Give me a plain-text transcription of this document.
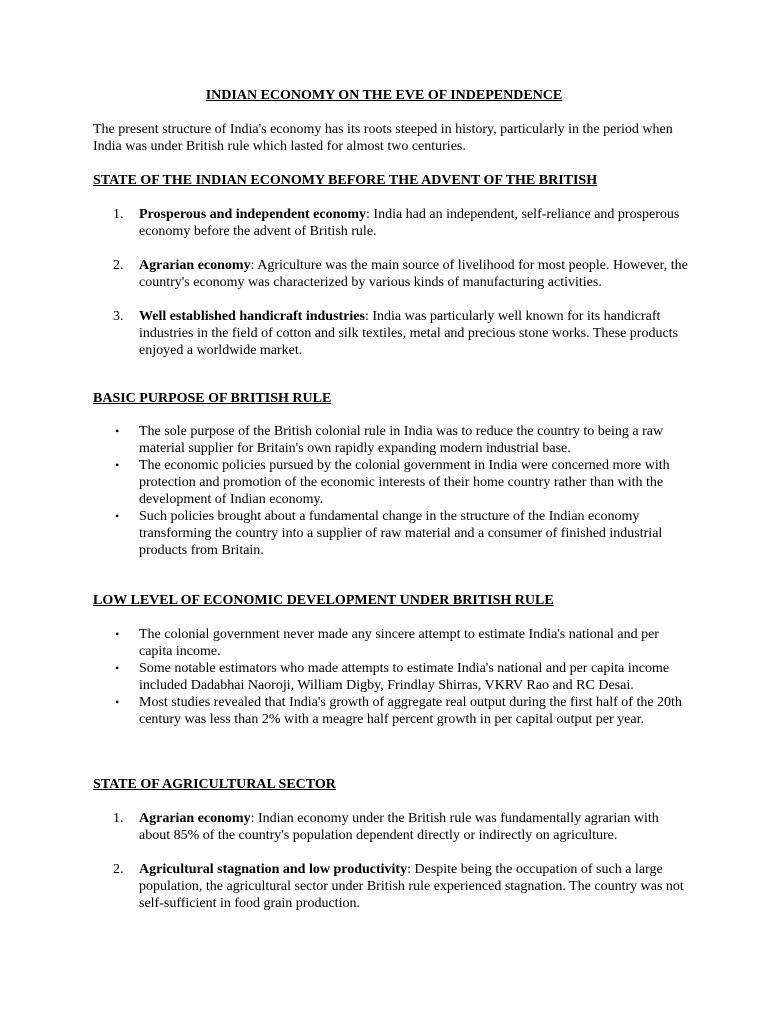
INDIAN ECONOMY ON THE EVE OF INDEPENDENCE

The present structure of India's economy has its roots steeped in history, particularly in the period when India was under British rule which lasted for almost two centuries.

STATE OF THE INDIAN ECONOMY BEFORE THE ADVENT OF THE BRITISH
1.	Prosperous and independent economy: India had an independent, self-reliance and prosperous economy before the advent of British rule.
2.	Agrarian economy: Agriculture was the main source of livelihood for most people. However, the country's economy was characterized by various kinds of manufacturing activities.
3.	Well established handicraft industries: India was particularly well known for its handicraft industries in the field of cotton and silk textiles, metal and precious stone works. These products enjoyed a worldwide market.
BASIC PURPOSE OF BRITISH RULE
•	The sole purpose of the British colonial rule in India was to reduce the country to being a raw material supplier for Britain's own rapidly expanding modern industrial base.
•	The economic policies pursued by the colonial government in India were concerned more with protection and promotion of the economic interests of their home country rather than with the development of Indian economy.
•	Such policies brought about a fundamental change in the structure of the Indian economy transforming the country into a supplier of raw material and a consumer of finished industrial products from Britain.
LOW LEVEL OF ECONOMIC DEVELOPMENT UNDER BRITISH RULE
•	The colonial government never made any sincere attempt to estimate India's national and per capita income.
•	Some notable estimators who made attempts to estimate India's national and per capita income included Dadabhai Naoroji, William Digby, Frindlay Shirras, VKRV Rao and RC Desai.
•	Most studies revealed that India's growth of aggregate real output during the first half of the 20th century was less than 2% with a meagre half percent growth in per capital output per year.
STATE OF AGRICULTURAL SECTOR
1.	Agrarian economy: Indian economy under the British rule was fundamentally agrarian with about 85% of the country's population dependent directly or indirectly on agriculture.
2.	Agricultural stagnation and low productivity: Despite being the occupation of such a large population, the agricultural sector under British rule experienced stagnation. The country was not self-sufficient in food grain production.
